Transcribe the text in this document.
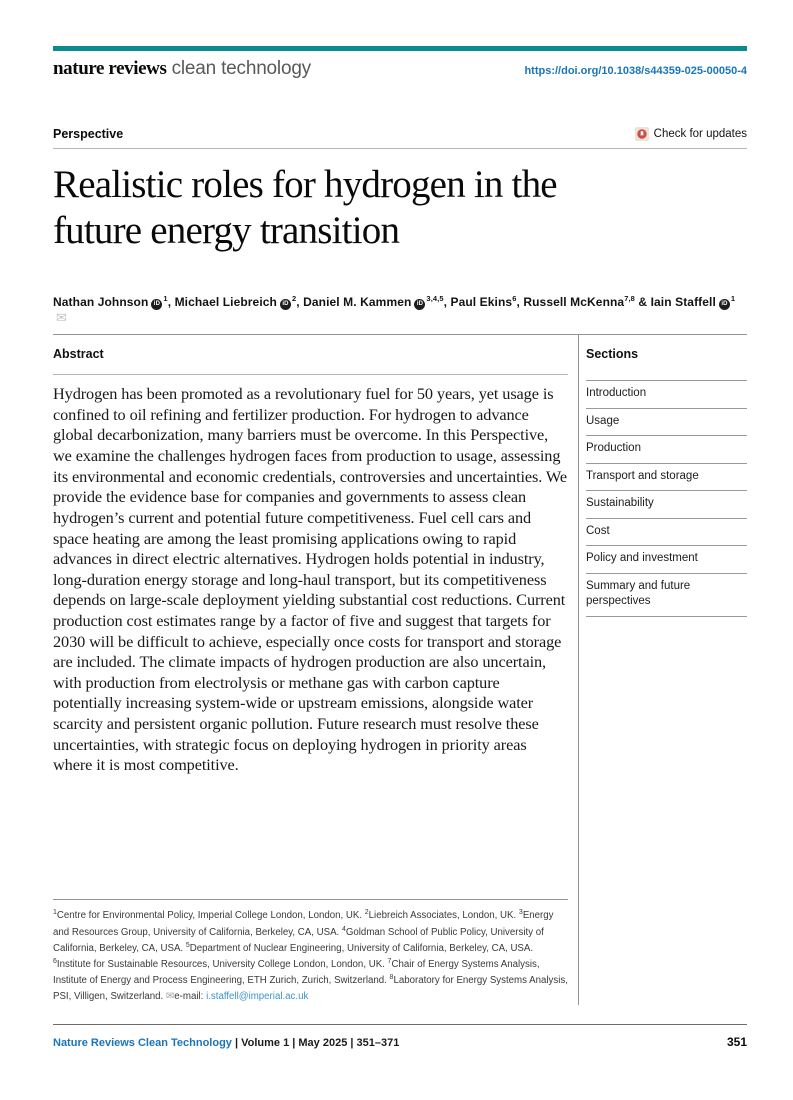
nature reviews clean technology	https://doi.org/10.1038/s44359-025-00050-4
Perspective	Check for updates
Realistic roles for hydrogen in the future energy transition
Nathan Johnson $iD^1$, Michael Liebreich $iD^2$, Daniel M. Kammen iD$^{3,4,5}$, Paul Ekins$^6$, Russell McKenna$^{7,8}$ & Iain Staffell $iD^1✉$
Abstract

Hydrogen has been promoted as a revolutionary fuel for 50 years, yet usage is confined to oil refining and fertilizer production. For hydrogen to advance global decarbonization, many barriers must be overcome. In this Perspective, we examine the challenges hydrogen faces from production to usage, assessing its environmental and economic credentials, controversies and uncertainties. We provide the evidence base for companies and governments to assess clean hydrogen’s current and potential future competitiveness. Fuel cell cars and space heating are among the least promising applications owing to rapid advances in direct electric alternatives. Hydrogen holds potential in industry, long-duration energy storage and long-haul transport, but its competitiveness depends on large-scale deployment yielding substantial cost reductions. Current production cost estimates range by a factor of five and suggest that targets for 2030 will be difficult to achieve, especially once costs for transport and storage are included. The climate impacts of hydrogen production are also uncertain, with production from electrolysis or methane gas with carbon capture potentially increasing system-wide or upstream emissions, alongside water scarcity and persistent organic pollution. Future research must resolve these uncertainties, with strategic focus on deploying hydrogen in priority areas where it is most competitive.

$^1$Centre for Environmental Policy, Imperial College London, London, UK. $^2$Liebreich Associates, London, UK. $^3$Energy and Resources Group, University of California, Berkeley, CA, USA. $^4$Goldman School of Public Policy, University of California, Berkeley, CA, USA. $^5$Department of Nuclear Engineering, University of California, Berkeley, CA, USA. $^6$Institute for Sustainable Resources, University College London, London, UK. $^7$Chair of Energy Systems Analysis, Institute of Energy and Process Engineering, ETH Zurich, Zurich, Switzerland. $^8$Laboratory for Energy Systems Analysis, PSI, Villigen, Switzerland. ✉e-mail: i.staffell@imperial.ac.uk
Sections
Introduction
Usage
Production
Transport and storage
Sustainability
Cost
Policy and investment
Summary and future perspectives
Nature Reviews Clean Technology | Volume 1 | May 2025 | 351–371	351
